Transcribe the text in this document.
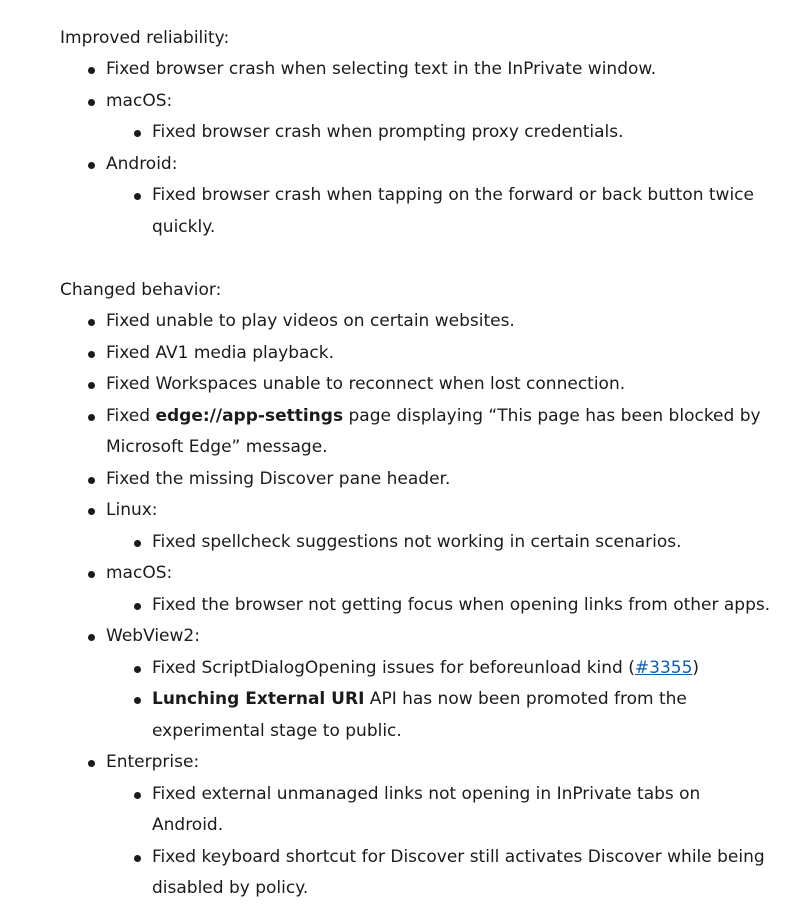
Improved reliability:

Fixed browser crash when selecting text in the InPrivate window.
macOS:
Fixed browser crash when prompting proxy credentials.
Android:
Fixed browser crash when tapping on the forward or back button twice quickly.

Changed behavior:

Fixed unable to play videos on certain websites.
Fixed AV1 media playback.
Fixed Workspaces unable to reconnect when lost connection.
Fixed edge://app-settings page displaying “This page has been blocked by Microsoft Edge” message.
Fixed the missing Discover pane header.
Linux:
Fixed spellcheck suggestions not working in certain scenarios.
macOS:
Fixed the browser not getting focus when opening links from other apps.
WebView2:
Fixed ScriptDialogOpening issues for beforeunload kind (#3355)
Lunching External URI API has now been promoted from the experimental stage to public.
Enterprise:
Fixed external unmanaged links not opening in InPrivate tabs on Android.
Fixed keyboard shortcut for Discover still activates Discover while being disabled by policy.
